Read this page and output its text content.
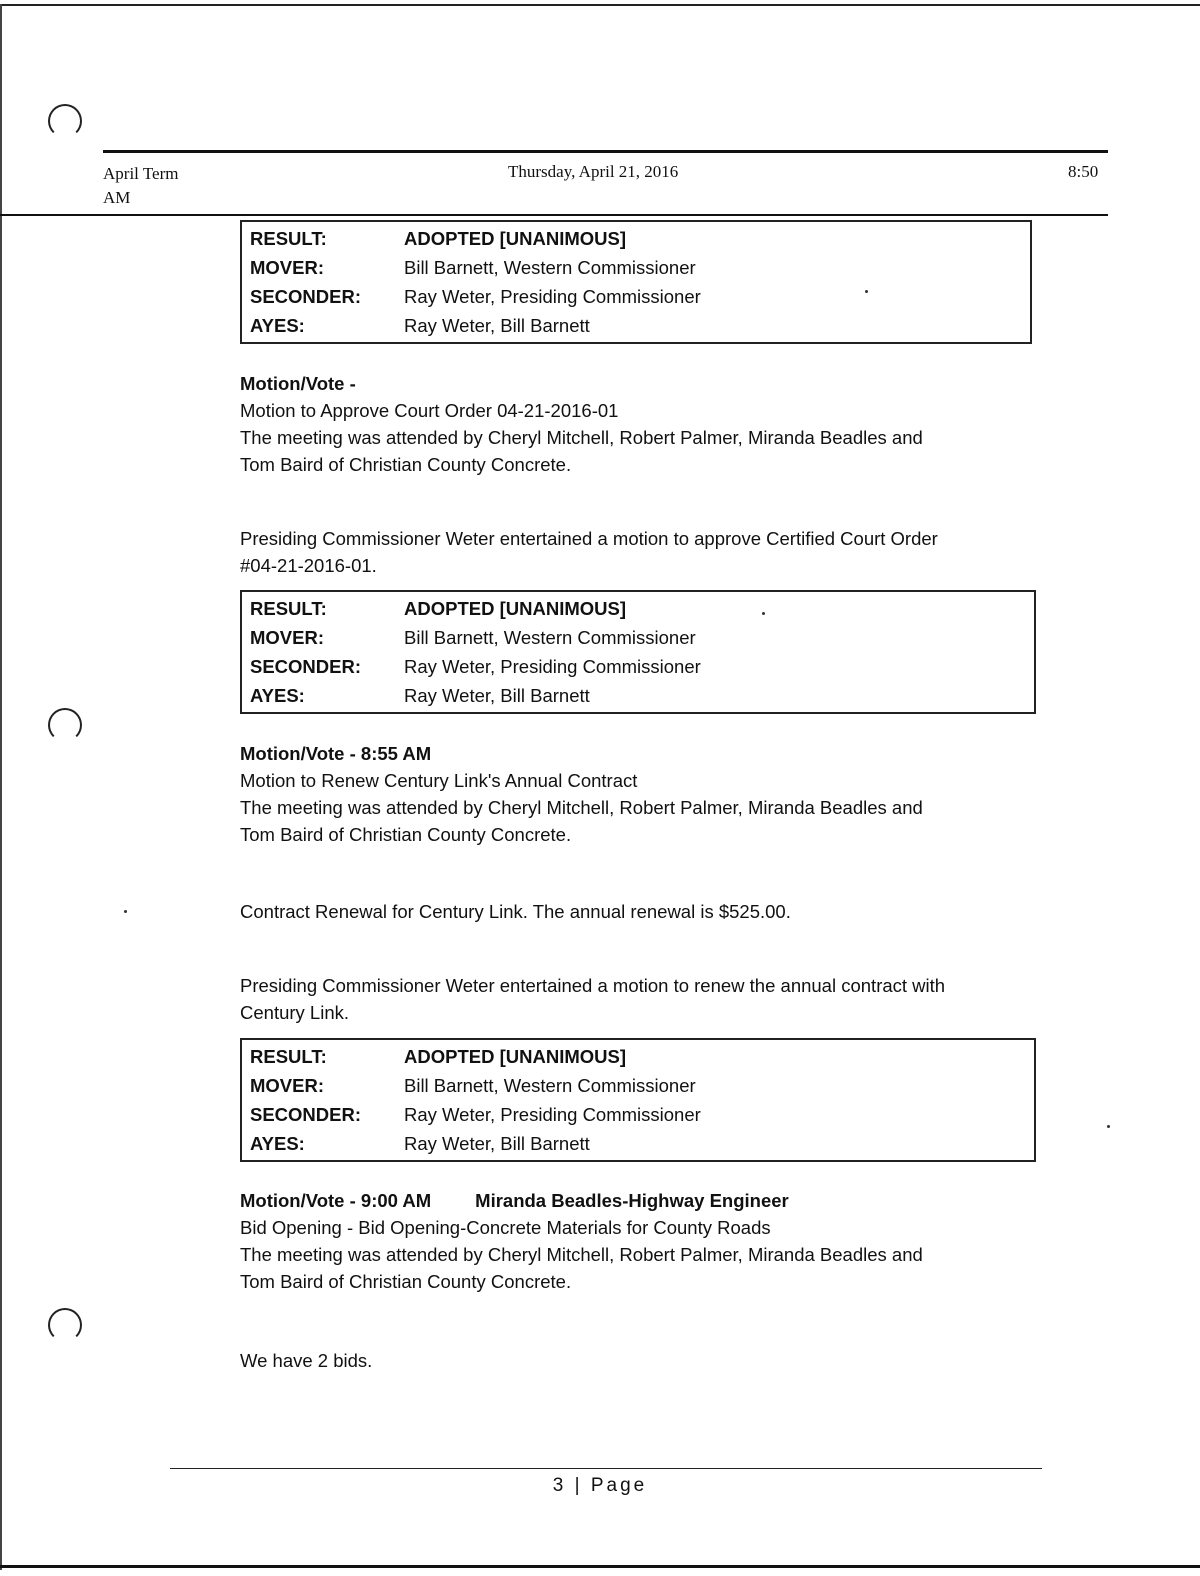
April Term
AM
Thursday, April 21, 2016	8:50
RESULT:	ADOPTED [UNANIMOUS]
MOVER:	Bill Barnett, Western Commissioner
SECONDER:	Ray Weter, Presiding Commissioner
AYES:	Ray Weter, Bill Barnett

Motion/Vote -

Motion to Approve Court Order 04-21-2016-01

The meeting was attended by Cheryl Mitchell, Robert Palmer, Miranda Beadles and

Tom Baird of Christian County Concrete.

Presiding Commissioner Weter entertained a motion to approve Certified Court Order

#04-21-2016-01.

RESULT:	ADOPTED [UNANIMOUS]
MOVER:	Bill Barnett, Western Commissioner
SECONDER:	Ray Weter, Presiding Commissioner
AYES:	Ray Weter, Bill Barnett

Motion/Vote - 8:55 AM

Motion to Renew Century Link's Annual Contract

The meeting was attended by Cheryl Mitchell, Robert Palmer, Miranda Beadles and

Tom Baird of Christian County Concrete.

Contract Renewal for Century Link. The annual renewal is $525.00.

Presiding Commissioner Weter entertained a motion to renew the annual contract with

Century Link.

RESULT:	ADOPTED [UNANIMOUS]
MOVER:	Bill Barnett, Western Commissioner
SECONDER:	Ray Weter, Presiding Commissioner
AYES:	Ray Weter, Bill Barnett

Motion/Vote - 9:00 AM Miranda Beadles-Highway Engineer

Bid Opening - Bid Opening-Concrete Materials for County Roads

The meeting was attended by Cheryl Mitchell, Robert Palmer, Miranda Beadles and

Tom Baird of Christian County Concrete.

We have 2 bids.

3 | Page
